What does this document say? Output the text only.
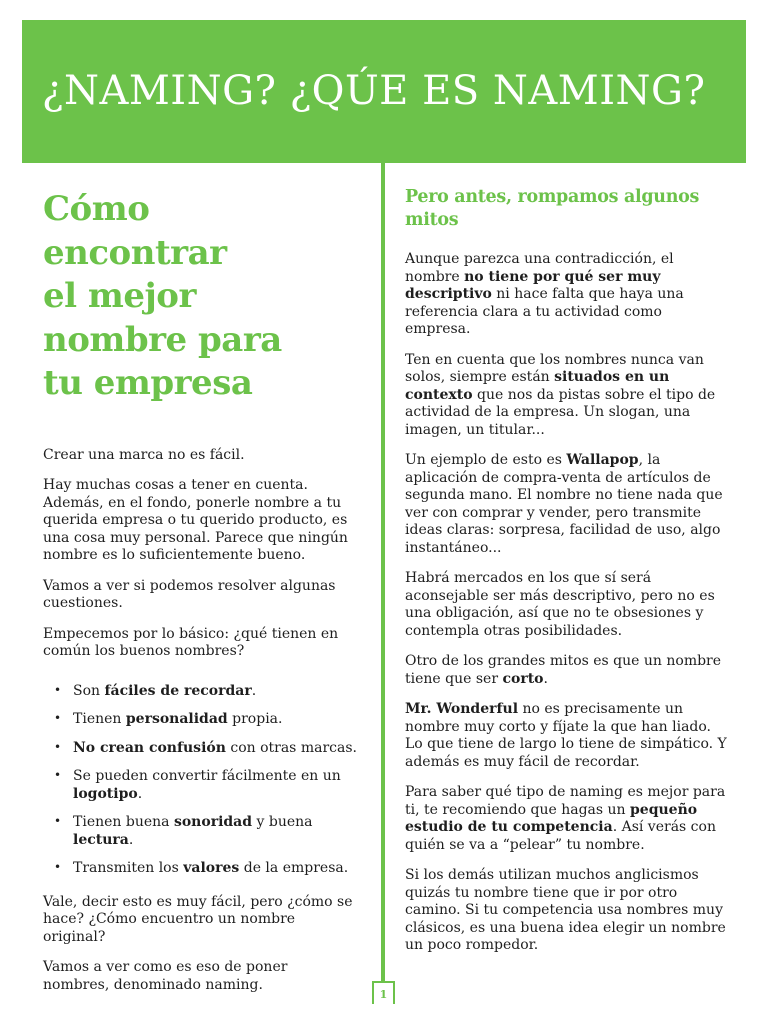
¿NAMING? ¿QÚE ES NAMING?
Cómo
encontrar
el mejor
nombre para
tu empresa

Crear una marca no es fácil.

Hay muchas cosas a tener en cuenta. Además, en el fondo, ponerle nombre a tu querida empresa o tu querido producto, es una cosa muy personal. Parece que ningún nombre es lo suficientemente bueno.

Vamos a ver si podemos resolver algunas cuestiones.

Empecemos por lo básico: ¿qué tienen en común los buenos nombres?

• Son fáciles de recordar.
• Tienen personalidad propia.
• No crean confusión con otras marcas.
• Se pueden convertir fácilmente en un logotipo.
• Tienen buena sonoridad y buena lectura.
• Transmiten los valores de la empresa.

Vale, decir esto es muy fácil, pero ¿cómo se hace? ¿Cómo encuentro un nombre original?

Vamos a ver como es eso de poner nombres, denominado naming.

Pero antes, rompamos algunos mitos

Aunque parezca una contradicción, el nombre no tiene por qué ser muy descriptivo ni hace falta que haya una referencia clara a tu actividad como empresa.

Ten en cuenta que los nombres nunca van solos, siempre están situados en un contexto que nos da pistas sobre el tipo de actividad de la empresa. Un slogan, una imagen, un titular...

Un ejemplo de esto es Wallapop, la aplicación de compra-venta de artículos de segunda mano. El nombre no tiene nada que ver con comprar y vender, pero transmite ideas claras: sorpresa, facilidad de uso, algo instantáneo...

Habrá mercados en los que sí será aconsejable ser más descriptivo, pero no es una obligación, así que no te obsesiones y contempla otras posibilidades.

Otro de los grandes mitos es que un nombre tiene que ser corto.

Mr. Wonderful no es precisamente un nombre muy corto y fíjate la que han liado. Lo que tiene de largo lo tiene de simpático. Y además es muy fácil de recordar.

Para saber qué tipo de naming es mejor para ti, te recomiendo que hagas un pequeño estudio de tu competencia. Así verás con quién se va a “pelear” tu nombre.

Si los demás utilizan muchos anglicismos quizás tu nombre tiene que ir por otro camino. Si tu competencia usa nombres muy clásicos, es una buena idea elegir un nombre un poco rompedor.

1
